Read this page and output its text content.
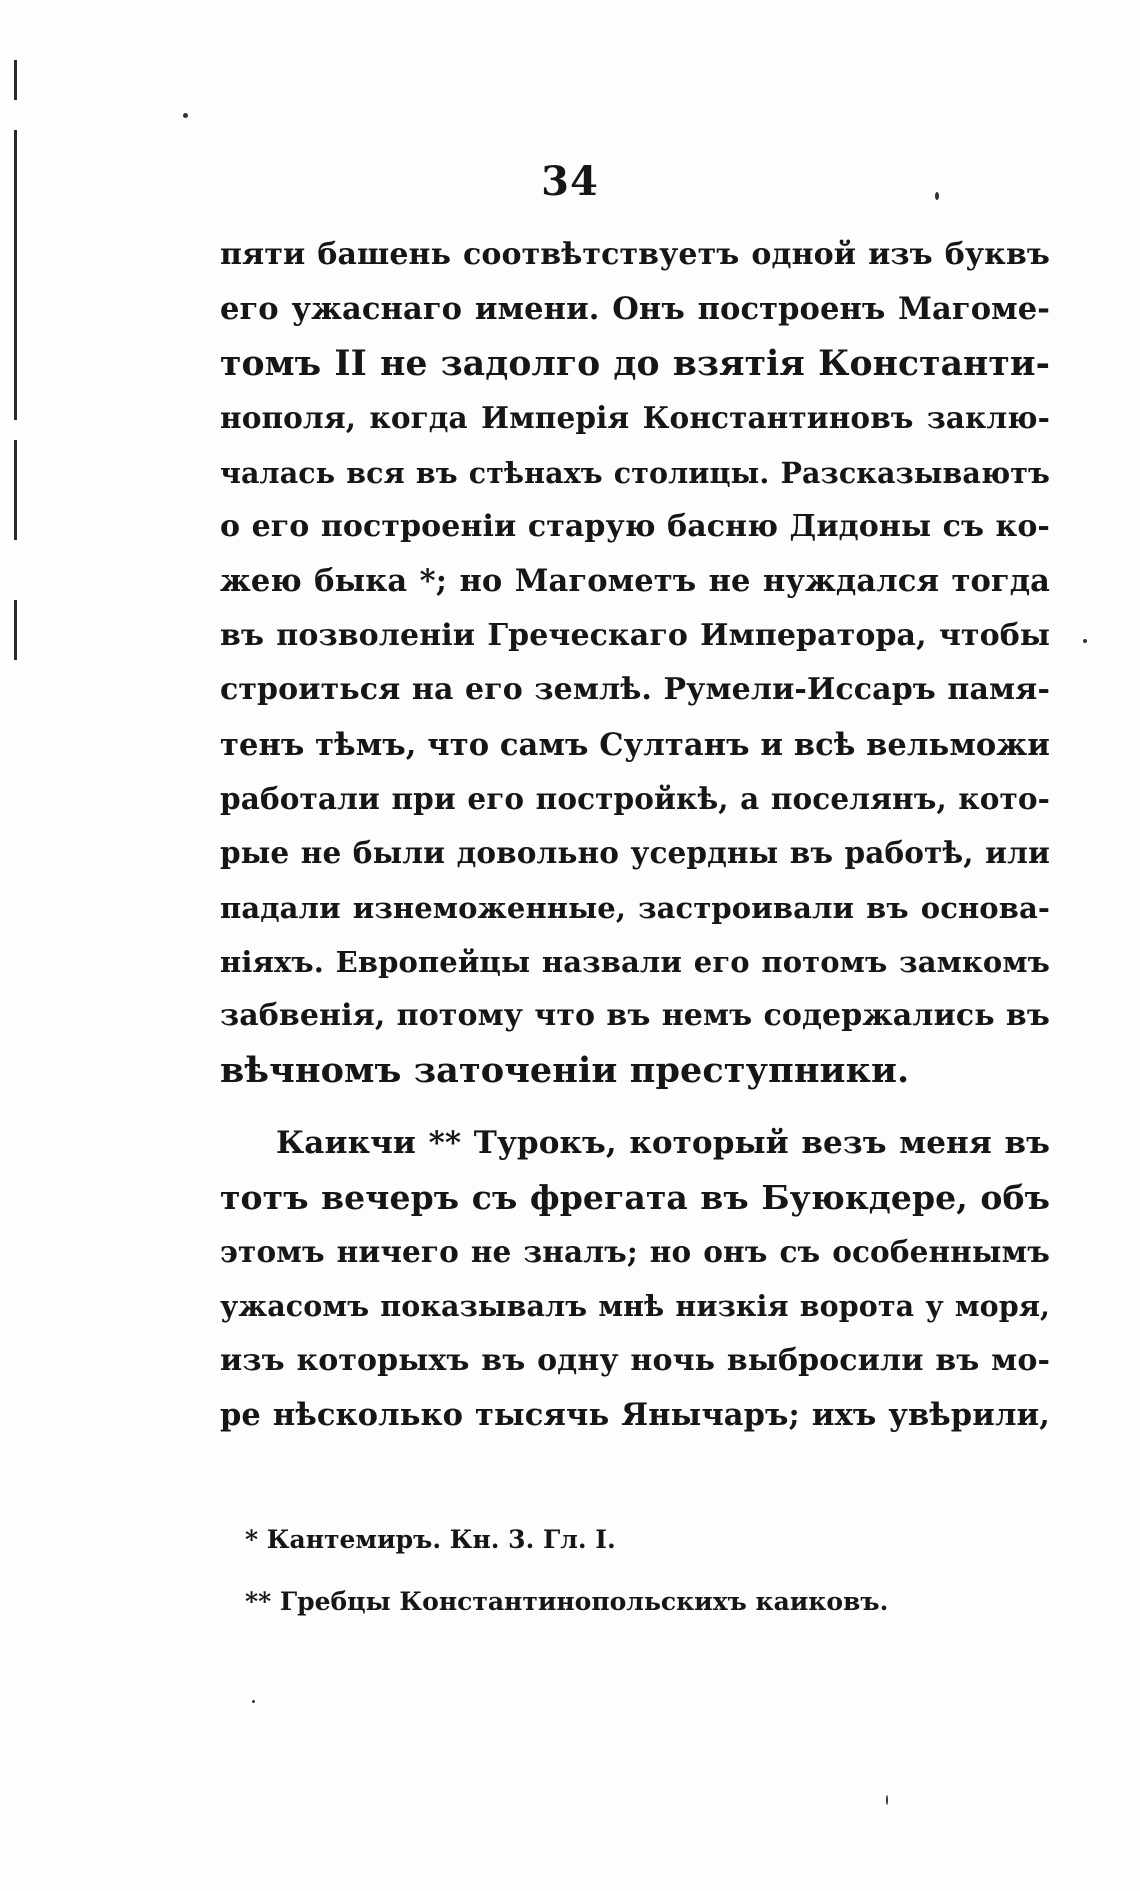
34
пяти башень соотвѣтствуетъ одной изъ буквъ
его ужаснаго имени. Онъ построенъ Магоме-
томъ II не задолго до взятія Константи-
нополя, когда Имперія Константиновъ заклю-
чалась вся въ стѣнахъ столицы. Разсказываютъ
о его построеніи старую басню Дидоны съ ко-
жею быка *; но Магометъ не нуждался тогда
въ позволеніи Греческаго Императора, чтобы
строиться на его землѣ. Румели-Иссаръ памя-
тенъ тѣмъ, что самъ Султанъ и всѣ вельможи
работали при его постройкѣ, а поселянъ, кото-
рые не были довольно усердны въ работѣ, или
падали изнеможенные, застроивали въ основа-
ніяхъ. Европейцы назвали его потомъ замкомъ
забвенія, потому что въ немъ содержались въ
вѣчномъ заточеніи преступники.
Каикчи ** Турокъ, который везъ меня въ
тотъ вечеръ съ фрегата въ Буюкдере, объ
этомъ ничего не зналъ; но онъ съ особеннымъ
ужасомъ показывалъ мнѣ низкія ворота у моря,
изъ которыхъ въ одну ночь выбросили въ мо-
ре нѣсколько тысячь Янычаръ; ихъ увѣрили,
* Кантемиръ. Кн. 3. Гл. I.
** Гребцы Константинопольскихъ каиковъ.
